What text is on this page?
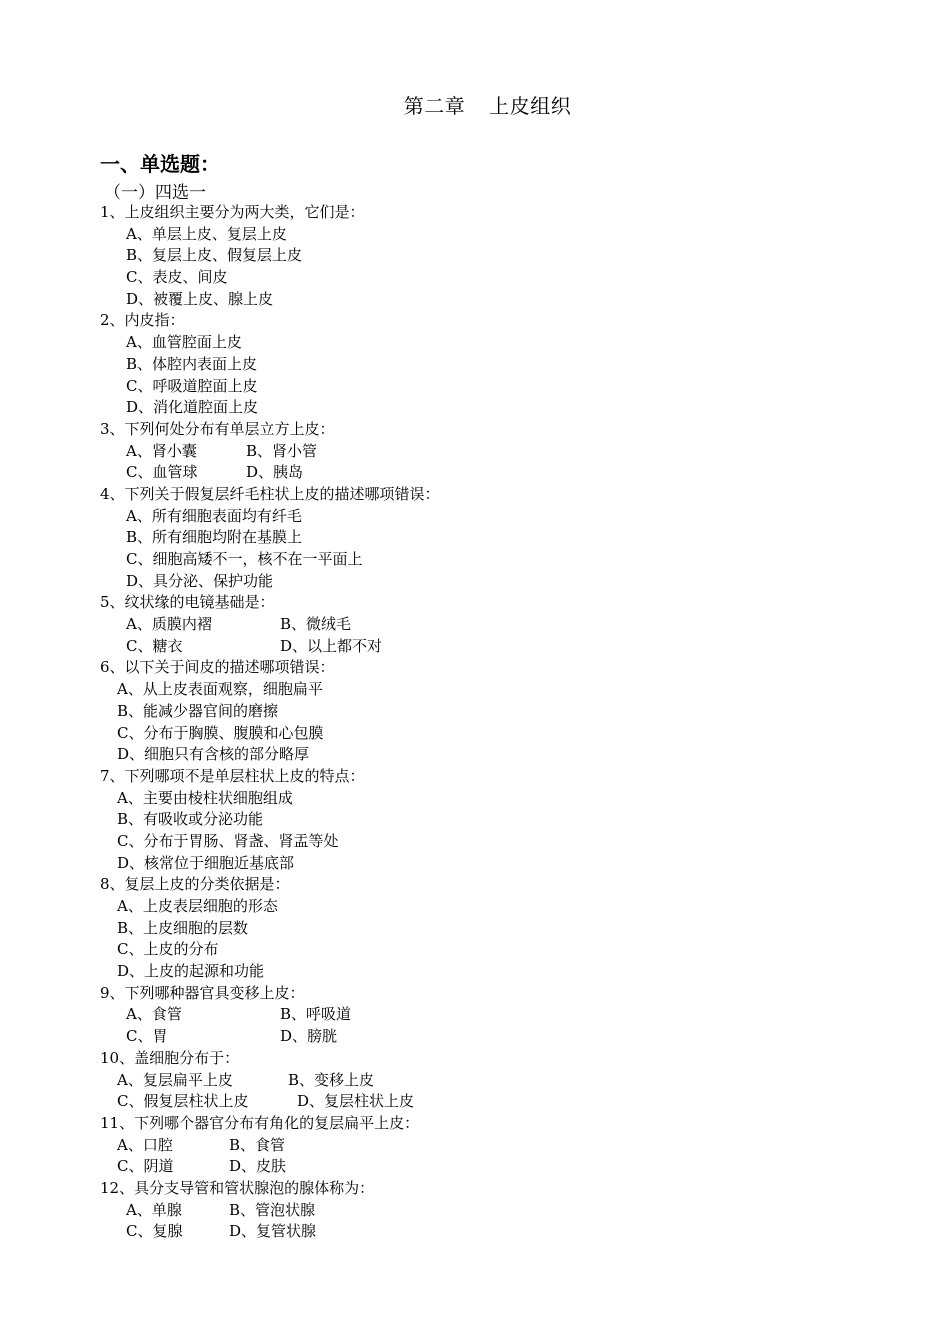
第二章 上皮组织
一、单选题：
（一）四选一
1、上皮组织主要分为两大类，它们是：
A、单层上皮、复层上皮
B、复层上皮、假复层上皮
C、表皮、间皮
D、被覆上皮、腺上皮
2、内皮指：
A、血管腔面上皮
B、体腔内表面上皮
C、呼吸道腔面上皮
D、消化道腔面上皮
3、下列何处分布有单层立方上皮：
A、肾小囊	B、肾小管
C、血管球	D、胰岛
4、下列关于假复层纤毛柱状上皮的描述哪项错误：
A、所有细胞表面均有纤毛
B、所有细胞均附在基膜上
C、细胞高矮不一，核不在一平面上
D、具分泌、保护功能
5、纹状缘的电镜基础是：
A、质膜内褶	B、微绒毛
C、糖衣	D、以上都不对
6、以下关于间皮的描述哪项错误：
A、从上皮表面观察，细胞扁平
B、能减少器官间的磨擦
C、分布于胸膜、腹膜和心包膜
D、细胞只有含核的部分略厚
7、下列哪项不是单层柱状上皮的特点：
A、主要由棱柱状细胞组成
B、有吸收或分泌功能
C、分布于胃肠、肾盏、肾盂等处
D、核常位于细胞近基底部
8、复层上皮的分类依据是：
A、上皮表层细胞的形态
B、上皮细胞的层数
C、上皮的分布
D、上皮的起源和功能
9、下列哪种器官具变移上皮：
A、食管	B、呼吸道
C、胃	D、膀胱
10、盖细胞分布于：
A、复层扁平上皮	B、变移上皮
C、假复层柱状上皮	D、复层柱状上皮
11、下列哪个器官分布有角化的复层扁平上皮：
A、口腔	B、食管
C、阴道	D、皮肤
12、具分支导管和管状腺泡的腺体称为：
A、单腺	B、管泡状腺
C、复腺	D、复管状腺
